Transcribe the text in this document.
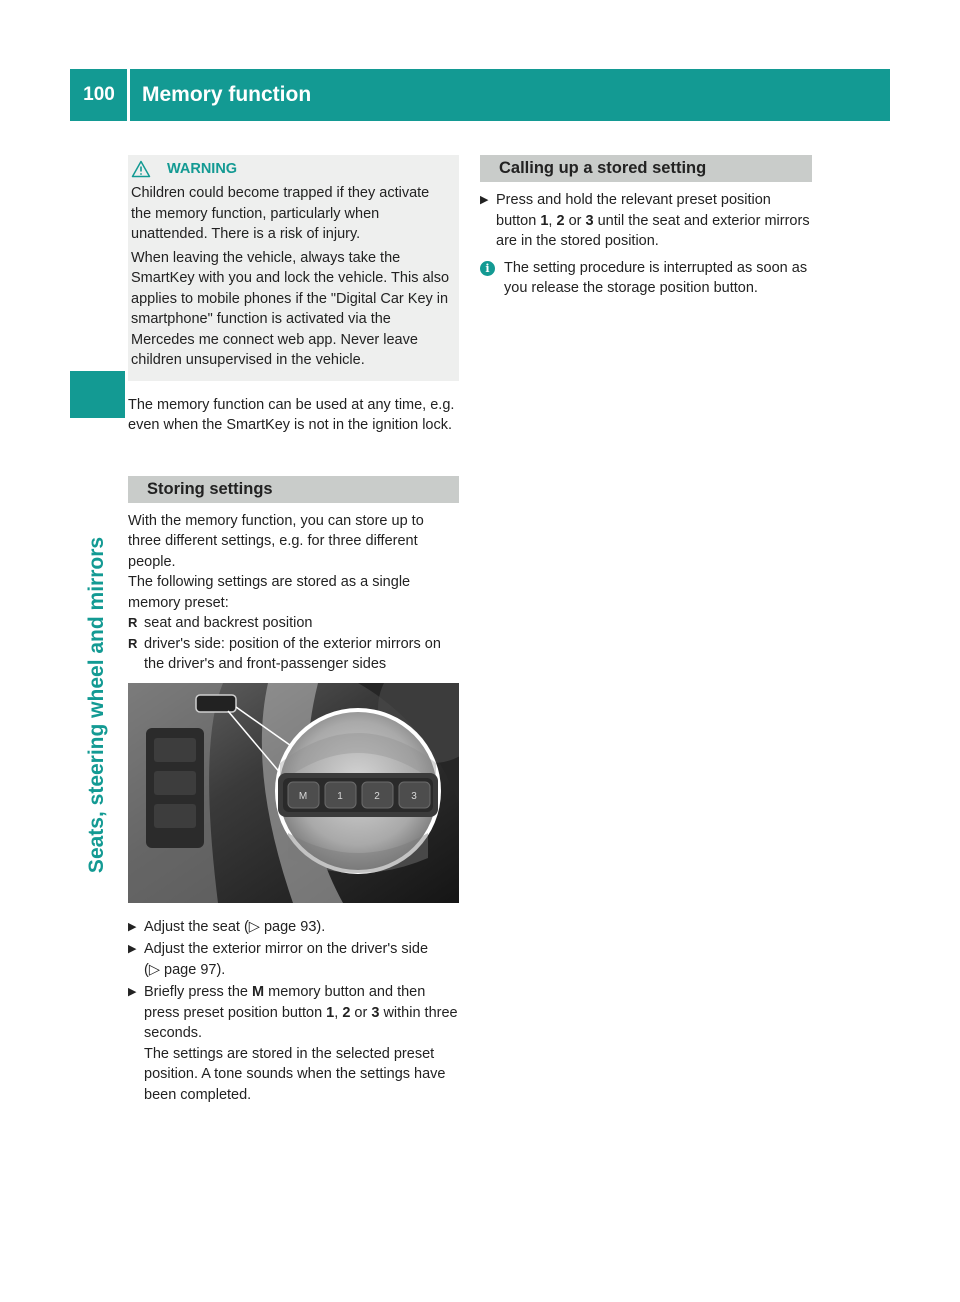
100	Memory function
Seats, steering wheel and mirrors
WARNING

Children could become trapped if they activate the memory function, particularly when unattended. There is a risk of injury.

When leaving the vehicle, always take the SmartKey with you and lock the vehicle. This also applies to mobile phones if the "Digital Car Key in smartphone" function is activated via the Mercedes me connect web app. Never leave children unsupervised in the vehicle.

The memory function can be used at any time, e.g. even when the SmartKey is not in the ignition lock.

Storing settings

With the memory function, you can store up to three different settings, e.g. for three different people.

The following settings are stored as a single memory preset:

R seat and backrest position

R driver's side: position of the exterior mirrors on the driver's and front-passenger sides

M	1	2	3
▶ Adjust the seat (▷ page 93).

▶ Adjust the exterior mirror on the driver's side (▷ page 97).

▶ Briefly press the M memory button and then press preset position button 1, 2 or 3 within three seconds.

The settings are stored in the selected preset position. A tone sounds when the settings have been completed.

Calling up a stored setting
▶ Press and hold the relevant preset position button 1, 2 or 3 until the seat and exterior mirrors are in the stored position.

i The setting procedure is interrupted as soon as you release the storage position button.
